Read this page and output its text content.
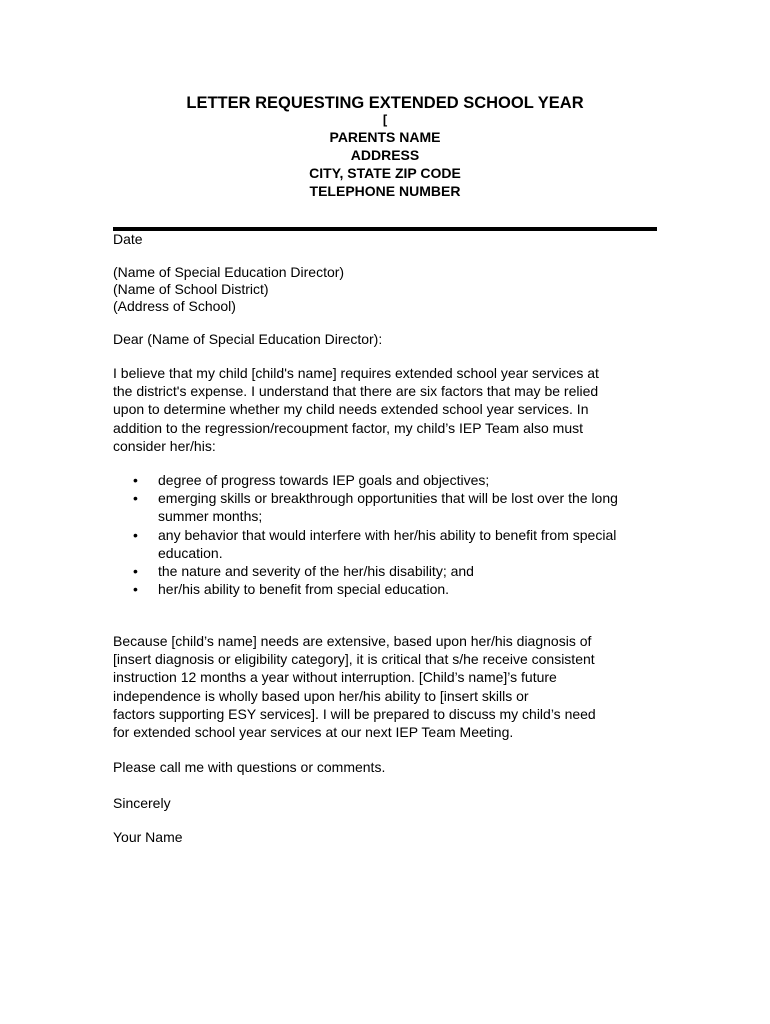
LETTER REQUESTING EXTENDED SCHOOL YEAR
[
PARENTS NAME
ADDRESS
CITY, STATE ZIP CODE
TELEPHONE NUMBER
Date
(Name of Special Education Director)
(Name of School District)
(Address of School)
Dear (Name of Special Education Director):
I believe that my child [child's name] requires extended school year services at
the district's expense. I understand that there are six factors that may be relied
upon to determine whether my child needs extended school year services. In
addition to the regression/recoupment factor, my child’s IEP Team also must
consider her/his:
• degree of progress towards IEP goals and objectives;
• emerging skills or breakthrough opportunities that will be lost over the long
summer months;
• any behavior that would interfere with her/his ability to benefit from special
education.
• the nature and severity of the her/his disability; and
• her/his ability to benefit from special education.
Because [child’s name] needs are extensive, based upon her/his diagnosis of
[insert diagnosis or eligibility category], it is critical that s/he receive consistent
instruction 12 months a year without interruption. [Child’s name]’s future
independence is wholly based upon her/his ability to [insert skills or
factors supporting ESY services]. I will be prepared to discuss my child’s need
for extended school year services at our next IEP Team Meeting.
Please call me with questions or comments.
Sincerely
Your Name
